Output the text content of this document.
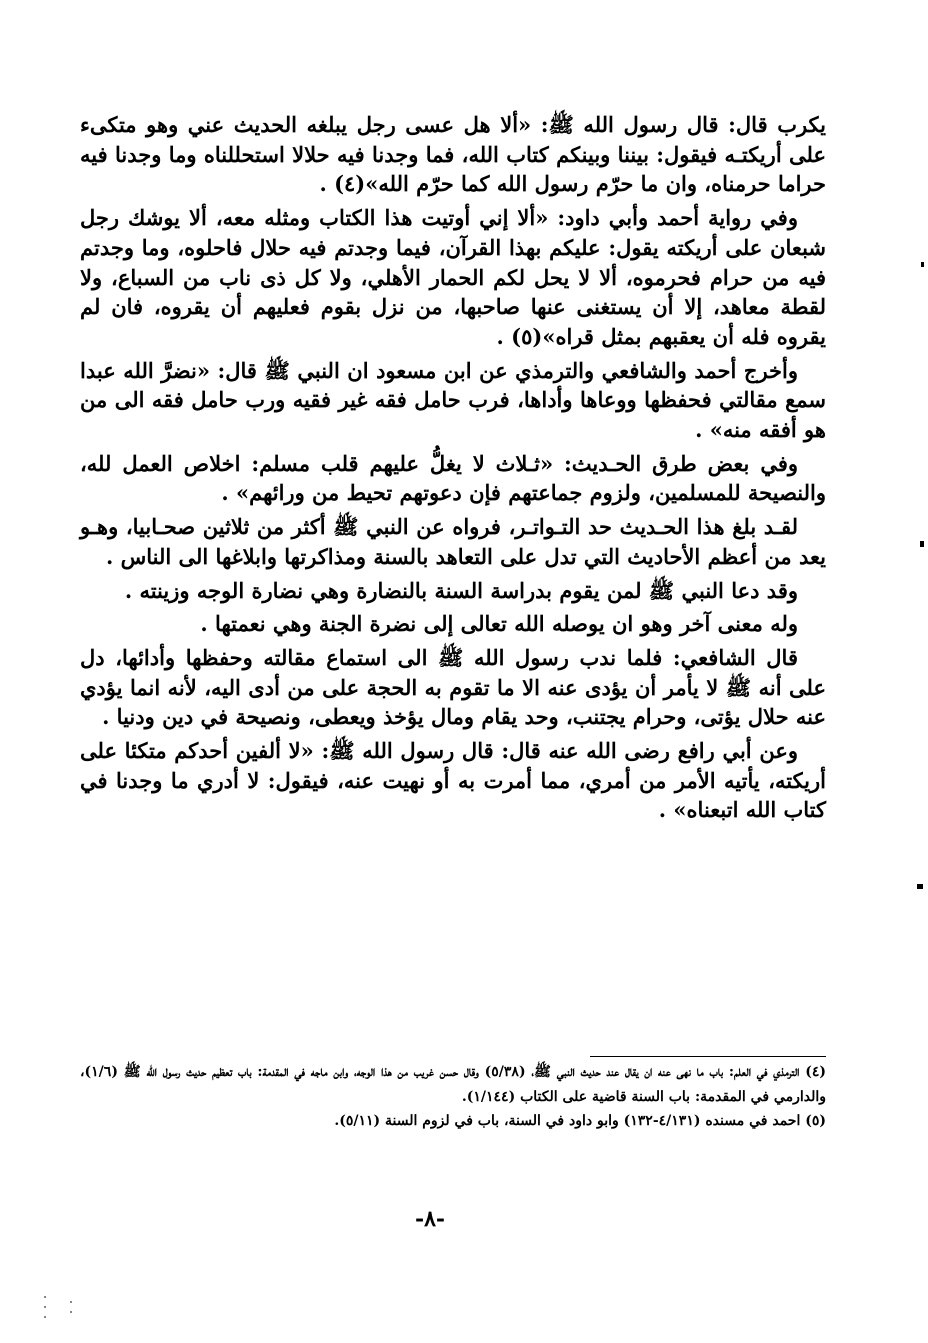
يكرب قال: قال رسول الله ﷺ: «ألا هل عسى رجل يبلغه الحديث عني وهو متكىء على أريكتـه فيقول: بيننا وبينكم كتاب الله، فما وجدنا فيه حلالا استحللناه وما وجدنا فيه حراما حرمناه، وان ما حرّم رسول الله كما حرّم الله»(٤) .

وفي رواية أحمد وأبي داود: «ألا إني أوتيت هذا الكتاب ومثله معه، ألا يوشك رجل شبعان على أريكته يقول: عليكم بهذا القرآن، فيما وجدتم فيه حلال فاحلوه، وما وجدتم فيه من حرام فحرموه، ألا لا يحل لكم الحمار الأهلي، ولا كل ذى ناب من السباع، ولا لقطة معاهد، إلا أن يستغنى عنها صاحبها، من نزل بقوم فعليهم أن يقروه، فان لم يقروه فله أن يعقبهم بمثل قراه»(٥) .

وأخرج أحمد والشافعي والترمذي عن ابن مسعود ان النبي ﷺ قال: «نضرَّ الله عبدا سمع مقالتي فحفظها ووعاها وأداها، فرب حامل فقه غير فقيه ورب حامل فقه الى من هو أفقه منه» .

وفي بعض طرق الحـديث: «ثـلاث لا يغلُّ عليهم قلب مسلم: اخلاص العمل لله، والنصيحة للمسلمين، ولزوم جماعتهم فإن دعوتهم تحيط من ورائهم» .

لقـد بلغ هذا الحـديث حد التـواتـر، فرواه عن النبي ﷺ أكثر من ثلاثين صحـابيا، وهـو يعد من أعظم الأحاديث التي تدل على التعاهد بالسنة ومذاكرتها وابلاغها الى الناس .

وقد دعا النبي ﷺ لمن يقوم بدراسة السنة بالنضارة وهي نضارة الوجه وزينته .

وله معنى آخر وهو ان يوصله الله تعالى إلى نضرة الجنة وهي نعمتها .

قال الشافعي: فلما ندب رسول الله ﷺ الى استماع مقالته وحفظها وأدائها، دل على أنه ﷺ لا يأمر أن يؤدى عنه الا ما تقوم به الحجة على من أدى اليه، لأنه انما يؤدي عنه حلال يؤتى، وحرام يجتنب، وحد يقام ومال يؤخذ ويعطى، ونصيحة في دين ودنيا .

وعن أبي رافع رضى الله عنه قال: قال رسول الله ﷺ: «لا ألفين أحدكم متكئا على أريكته، يأتيه الأمر من أمري، مما أمرت به أو نهيت عنه، فيقول: لا أدري ما وجدنا في كتاب الله اتبعناه» .

(٤) الترمذي في العلم: باب ما نهى عنه ان يقال عند حديث النبي ﷺ، (٥/٣٨) وقال حسن غريب من هذا الوجه، وابن ماجه في المقدمة: باب تعظيم حديث رسول الله ﷺ (١/٦)، والدارمي في المقدمة: باب السنة قاضية على الكتاب (١/١٤٤).

(٥) احمد في مسنده (٤/١٣١-١٣٢) وابو داود في السنة، باب في لزوم السنة (٥/١١).

-٨-
